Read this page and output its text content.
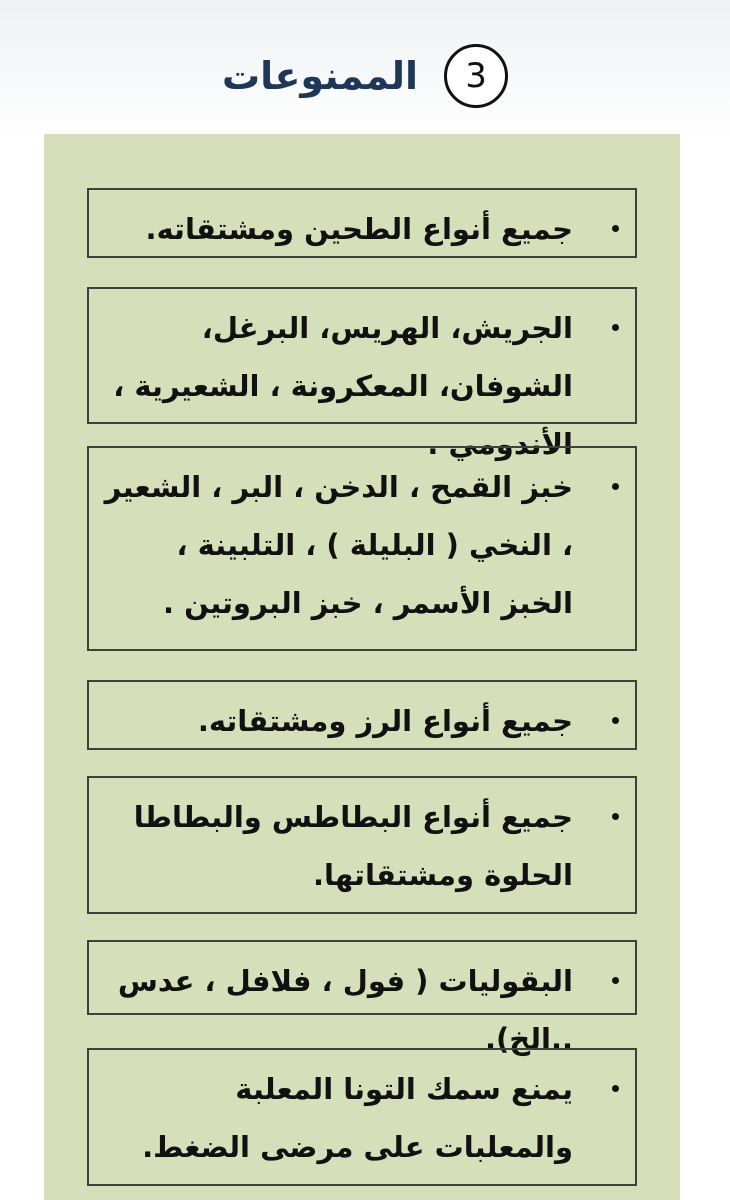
3
الممنوعات
جميع أنواع الطحين ومشتقاته.
الجريش، الهريس، البرغل، الشوفان، المعكرونة ، الشعيرية ، الأندومي .
خبز القمح ، الدخن ، البر ، الشعير ، النخي ( البليلة ) ، التلبينة ، الخبز الأسمر ، خبز البروتين .
جميع أنواع الرز ومشتقاته.
جميع أنواع البطاطس والبطاطا الحلوة ومشتقاتها.
البقوليات ( فول ، فلافل ، عدس ..الخ).
يمنع سمك التونا المعلبة والمعلبات على مرضى الضغط.
